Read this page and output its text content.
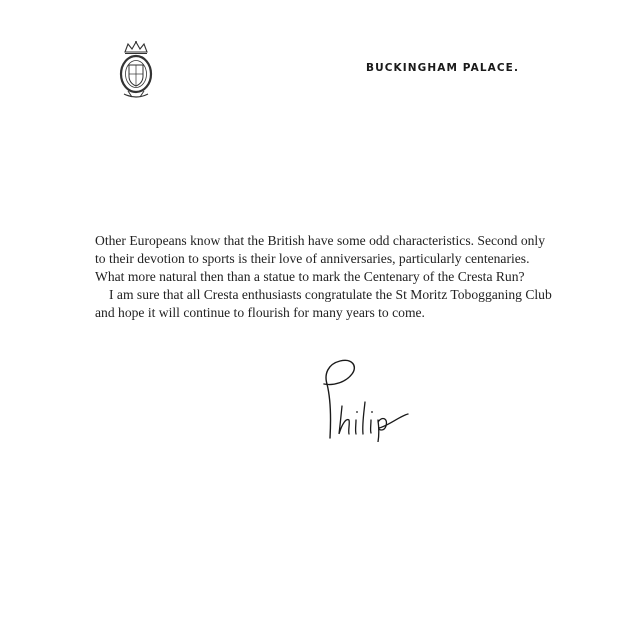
BUCKINGHAM PALACE.

Other Europeans know that the British have some odd characteristics. Second only to their devotion to sports is their love of anniversaries, particularly centenaries. What more natural then than a statue to mark the Centenary of the Cresta Run?

I am sure that all Cresta enthusiasts congratulate the St Moritz Tobogganing Club and hope it will continue to flourish for many years to come.
